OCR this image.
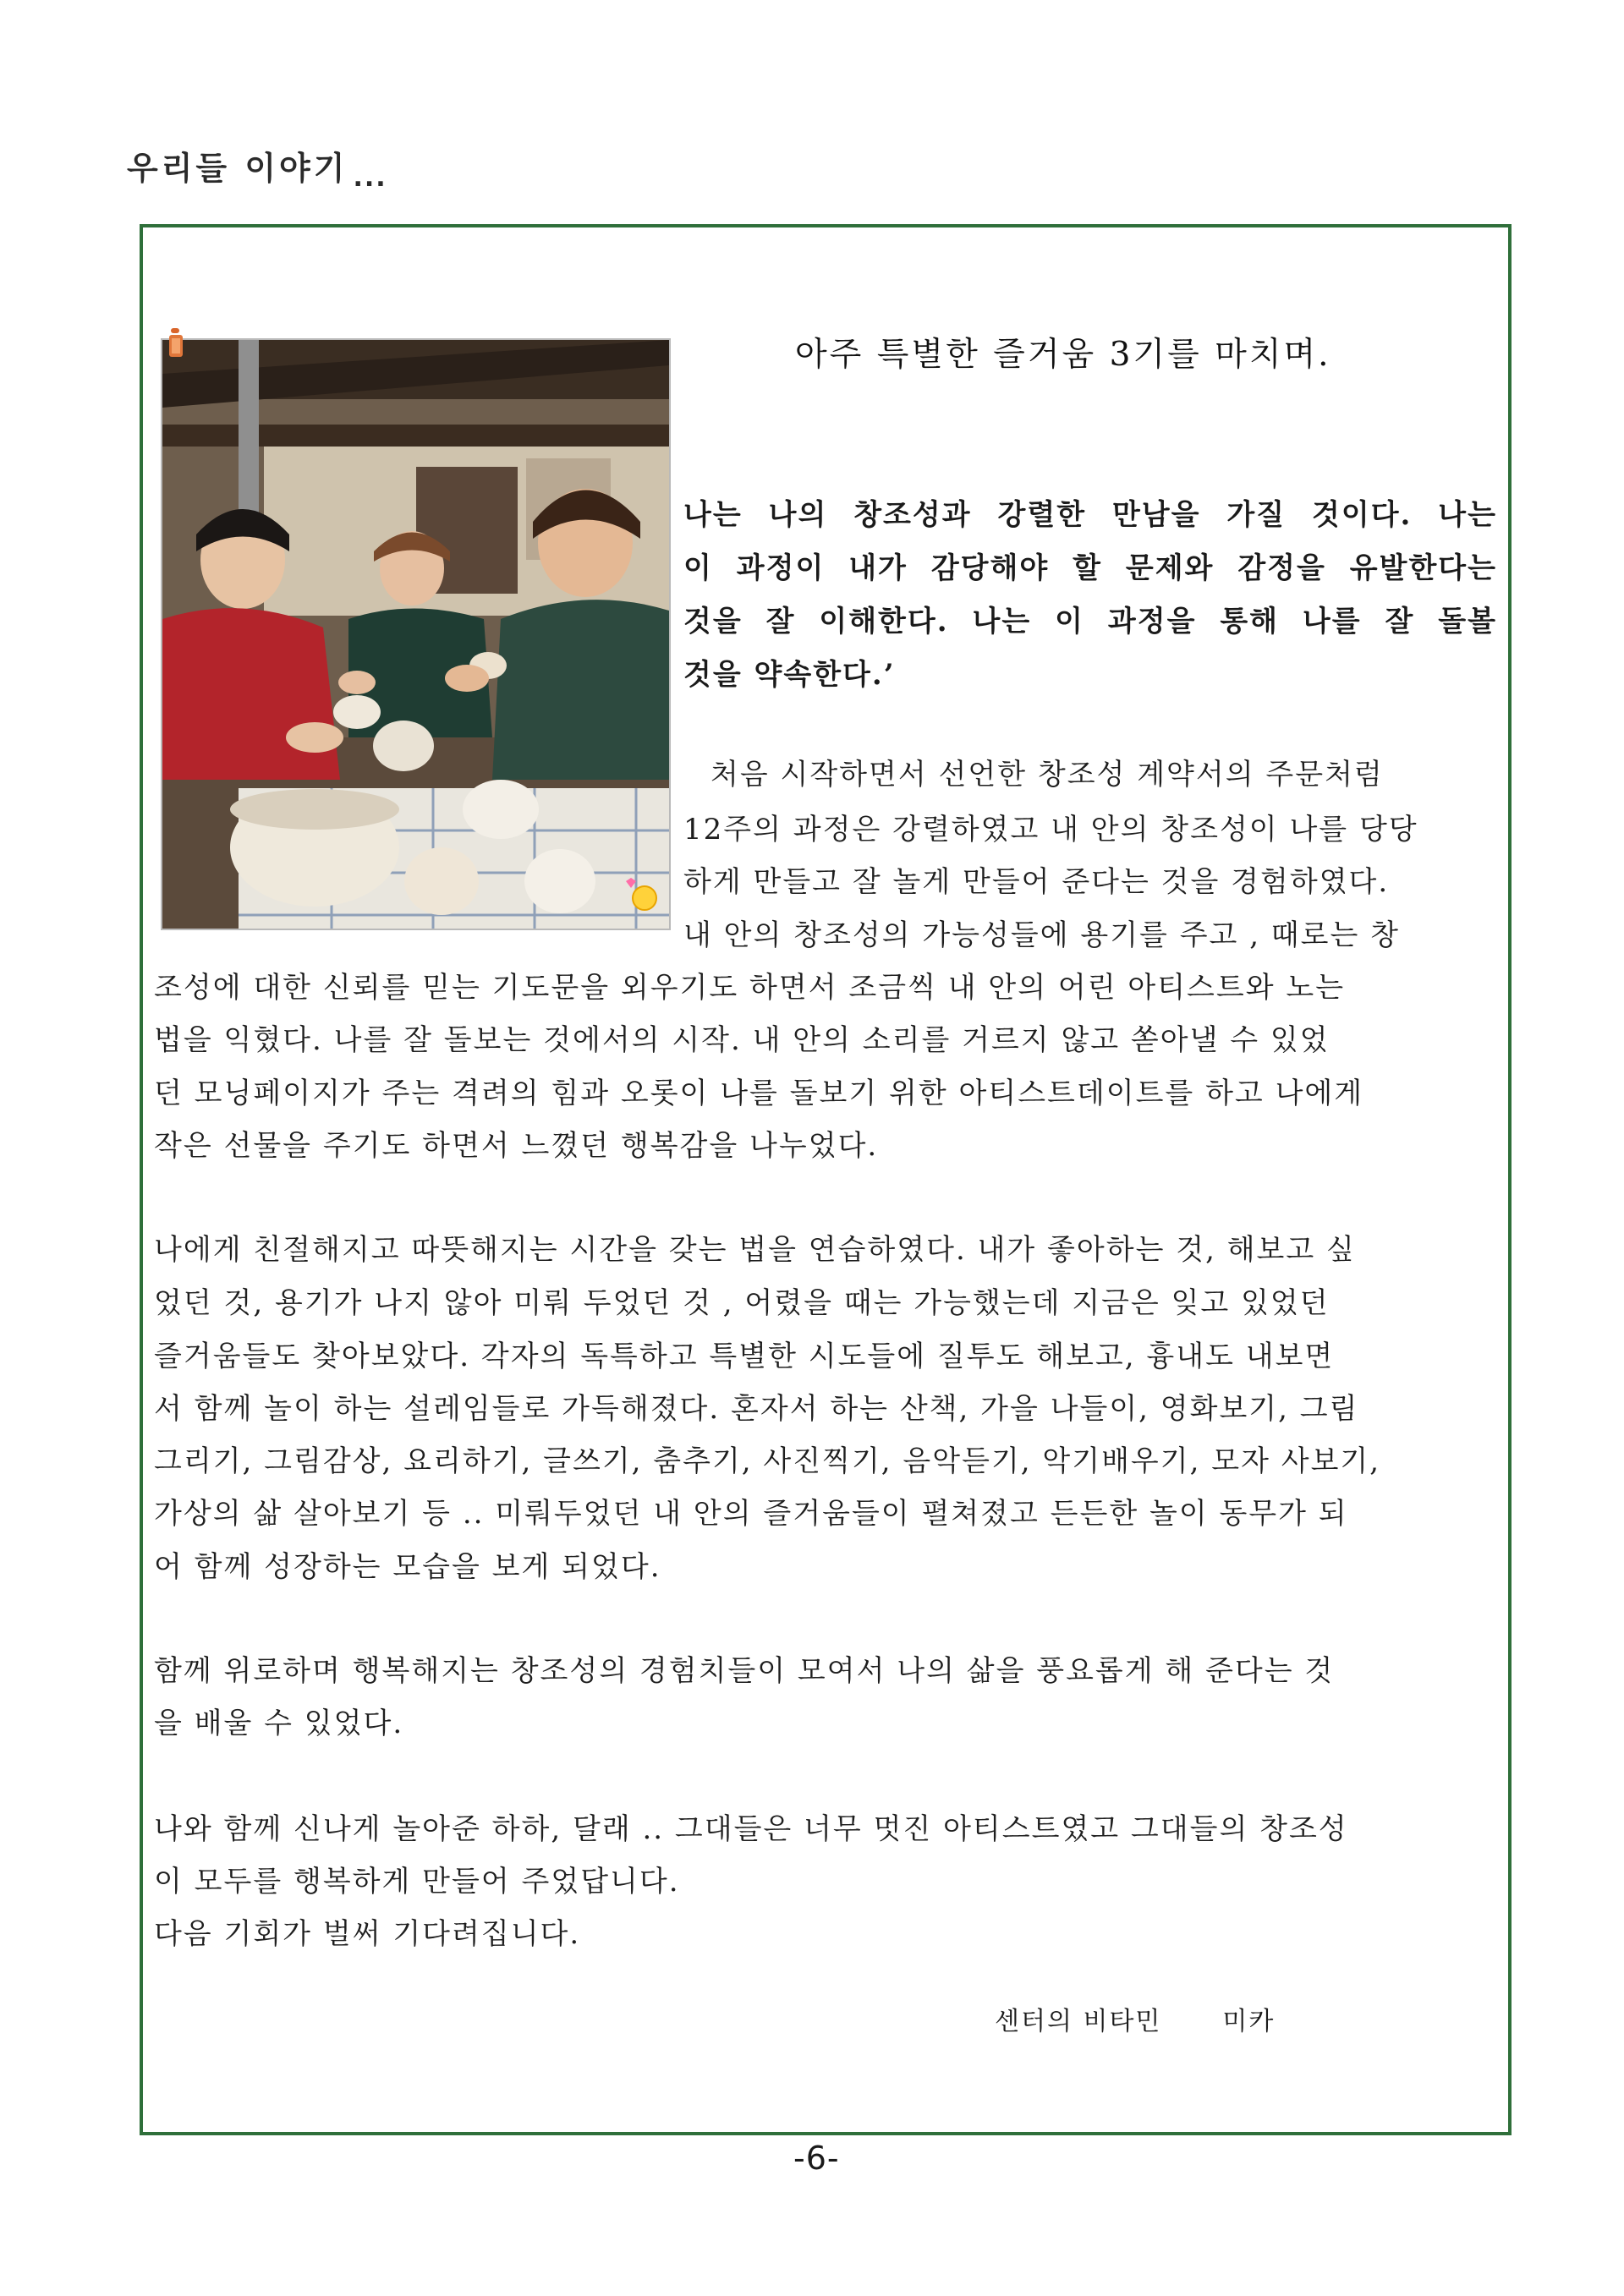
우리들 이야기 $_{...}$
아주 특별한 즐거움 3기를 마치며.
나는 나의 창조성과 강렬한 만남을 가질 것이다. 나는
이 과정이 내가 감당해야 할 문제와 감정을 유발한다는
것을 잘 이해한다. 나는 이 과정을 통해 나를 잘 돌볼
것을 약속한다.’
처음 시작하면서 선언한 창조성 계약서의 주문처럼
12주의 과정은 강렬하였고 내 안의 창조성이 나를 당당
하게 만들고 잘 놀게 만들어 준다는 것을 경험하였다.
내 안의 창조성의 가능성들에 용기를 주고 , 때로는 창
조성에 대한 신뢰를 믿는 기도문을 외우기도 하면서 조금씩 내 안의 어린 아티스트와 노는
법을 익혔다. 나를 잘 돌보는 것에서의 시작. 내 안의 소리를 거르지 않고 쏟아낼 수 있었
던 모닝페이지가 주는 격려의 힘과 오롯이 나를 돌보기 위한 아티스트데이트를 하고 나에게
작은 선물을 주기도 하면서 느꼈던 행복감을 나누었다.
나에게 친절해지고 따뜻해지는 시간을 갖는 법을 연습하였다. 내가 좋아하는 것, 해보고 싶
었던 것, 용기가 나지 않아 미뤄 두었던 것 , 어렸을 때는 가능했는데 지금은 잊고 있었던
즐거움들도 찾아보았다. 각자의 독특하고 특별한 시도들에 질투도 해보고, 흉내도 내보면
서 함께 놀이 하는 설레임들로 가득해졌다. 혼자서 하는 산책, 가을 나들이, 영화보기, 그림
그리기, 그림감상, 요리하기, 글쓰기, 춤추기, 사진찍기, 음악듣기, 악기배우기, 모자 사보기,
가상의 삶 살아보기 등 .. 미뤄두었던 내 안의 즐거움들이 펼쳐졌고 든든한 놀이 동무가 되
어 함께 성장하는 모습을 보게 되었다.
함께 위로하며 행복해지는 창조성의 경험치들이 모여서 나의 삶을 풍요롭게 해 준다는 것
을 배울 수 있었다.
나와 함께 신나게 놀아준 하하, 달래 .. 그대들은 너무 멋진 아티스트였고 그대들의 창조성
이 모두를 행복하게 만들어 주었답니다.
다음 기회가 벌써 기다려집니다.
센터의 비타민 미카
-6-
